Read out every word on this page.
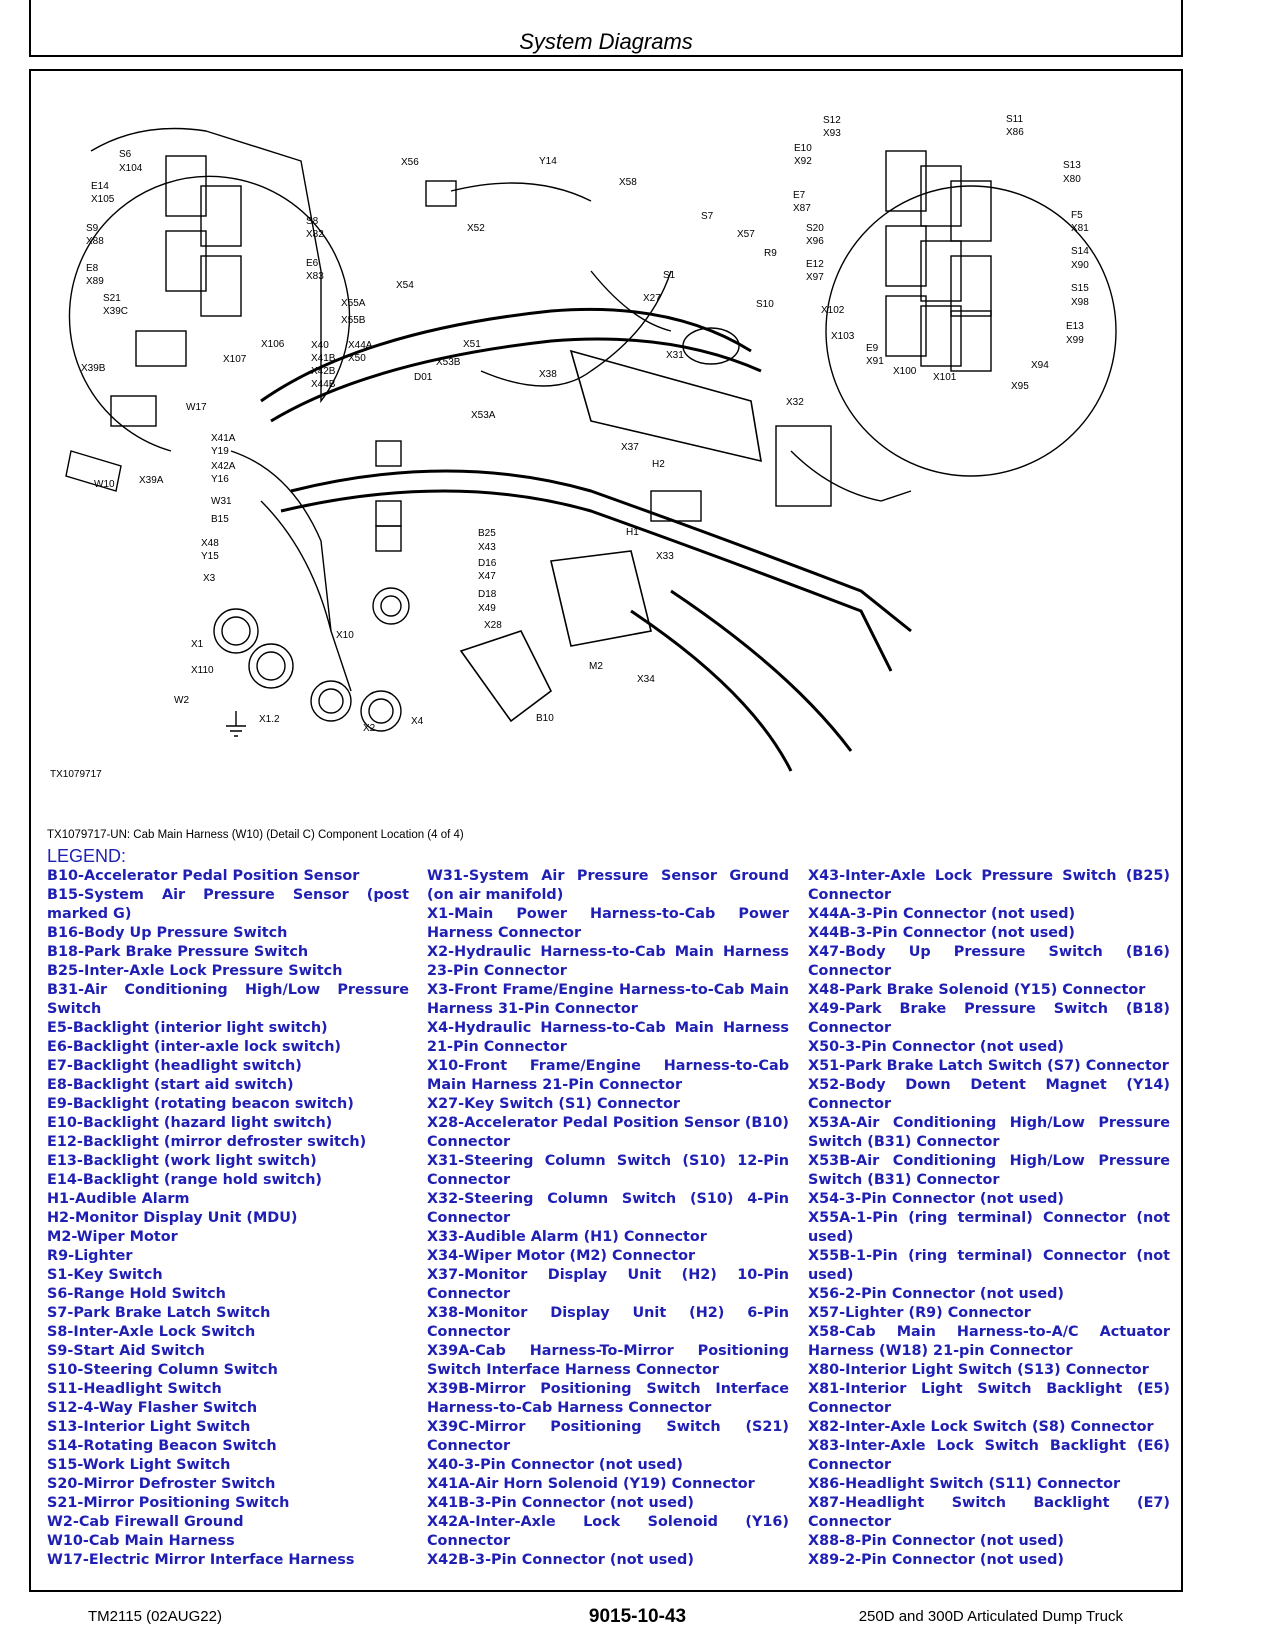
System Diagrams
S6
X104
E14
X105
S9
X88
E8
X89
S8
X82
E6
X83
S21
X39C
X107
X106
X39B
W17
X39A
W10
X56	Y14
X58
X52
S7
X57
R9
X54
X55A
X55B
S1
X27
S10
X40
X41B
X42B
X44B
X44A
X50
X51
X53B
D01	X38
X31
X32
X53A
X37
H2
H1
X33
X41A
Y19
X42A
Y16
W31
B15
X48
Y15
X3
B25
X43
D16
X47
D18
X49
X28
X1
X10
X110
W2
X1.2
X2
X4	B10
M2
X34
S12
X93
E10
X92
E7
X87
S20
X96
E12
X97
X102
X103
E9
X91
X100
X101
X95
X94
E13
X99
S15
X98
S14
X90
F5
X81
S13
X80
S11
X86
TX1079717
TX1079717-UN: Cab Main Harness (W10) (Detail C) Component Location (4 of 4)
LEGEND:
B10-Accelerator Pedal Position Sensor
B15-System Air Pressure Sensor (post marked G)
B16-Body Up Pressure Switch
B18-Park Brake Pressure Switch
B25-Inter-Axle Lock Pressure Switch
B31-Air Conditioning High/Low Pressure Switch
E5-Backlight (interior light switch)
E6-Backlight (inter-axle lock switch)
E7-Backlight (headlight switch)
E8-Backlight (start aid switch)
E9-Backlight (rotating beacon switch)
E10-Backlight (hazard light switch)
E12-Backlight (mirror defroster switch)
E13-Backlight (work light switch)
E14-Backlight (range hold switch)
H1-Audible Alarm
H2-Monitor Display Unit (MDU)
M2-Wiper Motor
R9-Lighter
S1-Key Switch
S6-Range Hold Switch
S7-Park Brake Latch Switch
S8-Inter-Axle Lock Switch
S9-Start Aid Switch
S10-Steering Column Switch
S11-Headlight Switch
S12-4-Way Flasher Switch
S13-Interior Light Switch
S14-Rotating Beacon Switch
S15-Work Light Switch
S20-Mirror Defroster Switch
S21-Mirror Positioning Switch
W2-Cab Firewall Ground
W10-Cab Main Harness
W17-Electric Mirror Interface Harness
W31-System Air Pressure Sensor Ground (on air manifold)
X1-Main Power Harness-to-Cab Power Harness Connector
X2-Hydraulic Harness-to-Cab Main Harness 23-Pin Connector
X3-Front Frame/Engine Harness-to-Cab Main Harness 31-Pin Connector
X4-Hydraulic Harness-to-Cab Main Harness 21-Pin Connector
X10-Front Frame/Engine Harness-to-Cab Main Harness 21-Pin Connector
X27-Key Switch (S1) Connector
X28-Accelerator Pedal Position Sensor (B10) Connector
X31-Steering Column Switch (S10) 12-Pin Connector
X32-Steering Column Switch (S10) 4-Pin Connector
X33-Audible Alarm (H1) Connector
X34-Wiper Motor (M2) Connector
X37-Monitor Display Unit (H2) 10-Pin Connector
X38-Monitor Display Unit (H2) 6-Pin Connector
X39A-Cab Harness-To-Mirror Positioning Switch Interface Harness Connector
X39B-Mirror Positioning Switch Interface Harness-to-Cab Harness Connector
X39C-Mirror Positioning Switch (S21) Connector
X40-3-Pin Connector (not used)
X41A-Air Horn Solenoid (Y19) Connector
X41B-3-Pin Connector (not used)
X42A-Inter-Axle Lock Solenoid (Y16) Connector
X42B-3-Pin Connector (not used)
X43-Inter-Axle Lock Pressure Switch (B25) Connector
X44A-3-Pin Connector (not used)
X44B-3-Pin Connector (not used)
X47-Body Up Pressure Switch (B16) Connector
X48-Park Brake Solenoid (Y15) Connector
X49-Park Brake Pressure Switch (B18) Connector
X50-3-Pin Connector (not used)
X51-Park Brake Latch Switch (S7) Connector
X52-Body Down Detent Magnet (Y14) Connector
X53A-Air Conditioning High/Low Pressure Switch (B31) Connector
X53B-Air Conditioning High/Low Pressure Switch (B31) Connector
X54-3-Pin Connector (not used)
X55A-1-Pin (ring terminal) Connector (not used)
X55B-1-Pin (ring terminal) Connector (not used)
X56-2-Pin Connector (not used)
X57-Lighter (R9) Connector
X58-Cab Main Harness-to-A/C Actuator Harness (W18) 21-pin Connector
X80-Interior Light Switch (S13) Connector
X81-Interior Light Switch Backlight (E5) Connector
X82-Inter-Axle Lock Switch (S8) Connector
X83-Inter-Axle Lock Switch Backlight (E6) Connector
X86-Headlight Switch (S11) Connector
X87-Headlight Switch Backlight (E7) Connector
X88-8-Pin Connector (not used)
X89-2-Pin Connector (not used)
TM2115 (02AUG22)	9015-10-43	250D and 300D Articulated Dump Truck
